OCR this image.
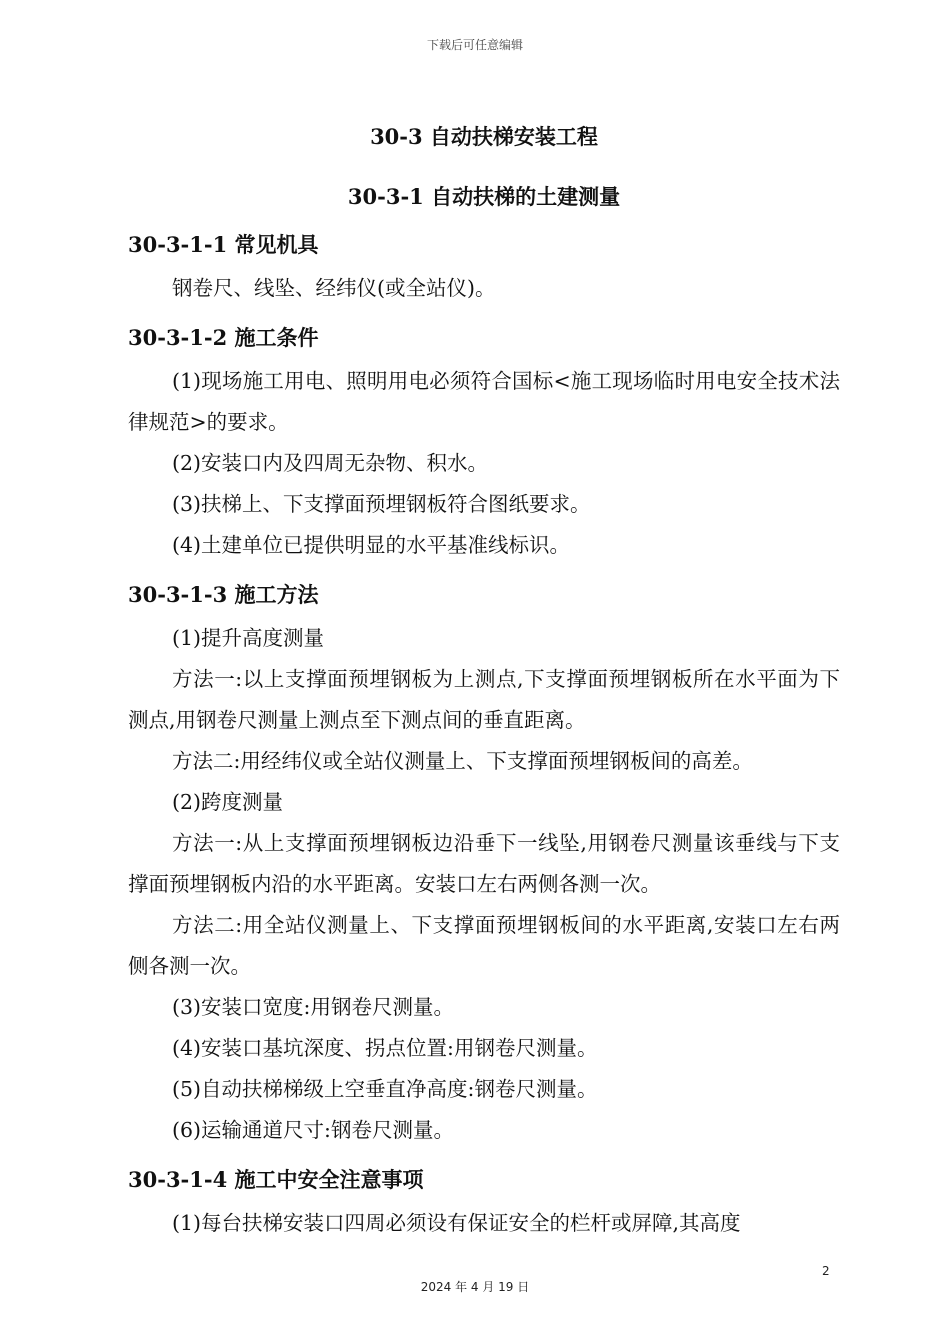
下载后可任意编辑
30-3 自动扶梯安装工程
30-3-1 自动扶梯的土建测量
30-3-1-1 常见机具

钢卷尺、线坠、经纬仪(或全站仪)。

30-3-1-2 施工条件

(1)现场施工用电、照明用电必须符合国标<施工现场临时用电安全技术法律规范>的要求。

(2)安装口内及四周无杂物、积水。

(3)扶梯上、下支撑面预埋钢板符合图纸要求。

(4)土建单位已提供明显的水平基准线标识。

30-3-1-3 施工方法

(1)提升高度测量

方法一:以上支撑面预埋钢板为上测点,下支撑面预埋钢板所在水平面为下测点,用钢卷尺测量上测点至下测点间的垂直距离。

方法二:用经纬仪或全站仪测量上、下支撑面预埋钢板间的高差。

(2)跨度测量

方法一:从上支撑面预埋钢板边沿垂下一线坠,用钢卷尺测量该垂线与下支撑面预埋钢板内沿的水平距离。安装口左右两侧各测一次。

方法二:用全站仪测量上、下支撑面预埋钢板间的水平距离,安装口左右两侧各测一次。

(3)安装口宽度:用钢卷尺测量。

(4)安装口基坑深度、拐点位置:用钢卷尺测量。

(5)自动扶梯梯级上空垂直净高度:钢卷尺测量。

(6)运输通道尺寸:钢卷尺测量。

30-3-1-4 施工中安全注意事项

(1)每台扶梯安装口四周必须设有保证安全的栏杆或屏障,其高度

2
2024 年 4 月 19 日
